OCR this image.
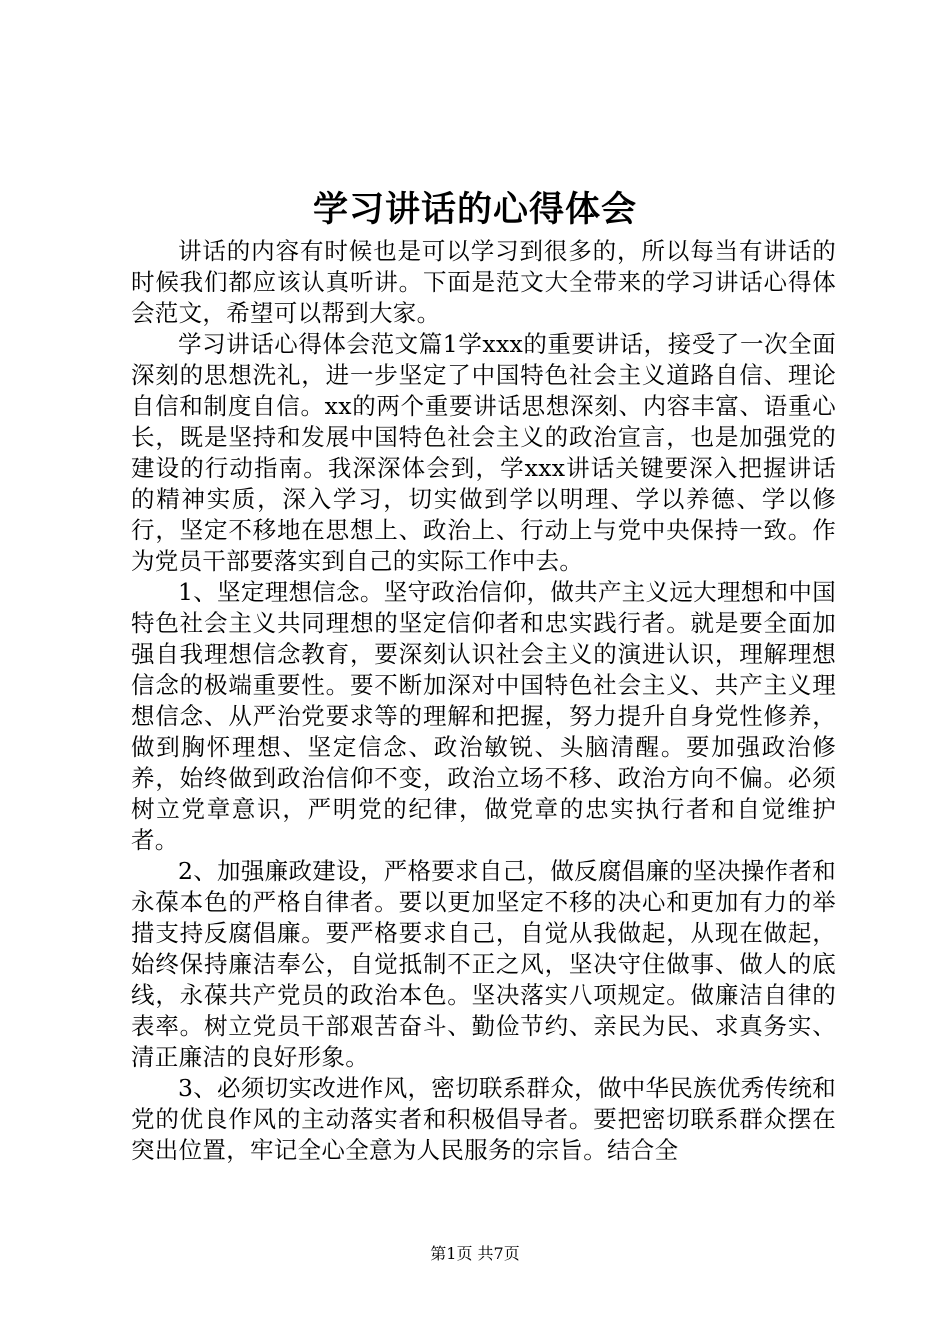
学习讲话的心得体会

讲话的内容有时候也是可以学习到很多的，所以每当有讲话的时候我们都应该认真听讲。下面是范文大全带来的学习讲话心得体会范文，希望可以帮到大家。

学习讲话心得体会范文篇1学xxx的重要讲话，接受了一次全面深刻的思想洗礼，进一步坚定了中国特色社会主义道路自信、理论自信和制度自信。xx的两个重要讲话思想深刻、内容丰富、语重心长，既是坚持和发展中国特色社会主义的政治宣言，也是加强党的建设的行动指南。我深深体会到，学xxx讲话关键要深入把握讲话的精神实质，深入学习，切实做到学以明理、学以养德、学以修行，坚定不移地在思想上、政治上、行动上与党中央保持一致。作为党员干部要落实到自己的实际工作中去。

1、坚定理想信念。坚守政治信仰，做共产主义远大理想和中国特色社会主义共同理想的坚定信仰者和忠实践行者。就是要全面加强自我理想信念教育，要深刻认识社会主义的演进认识，理解理想信念的极端重要性。要不断加深对中国特色社会主义、共产主义理想信念、从严治党要求等的理解和把握，努力提升自身党性修养，做到胸怀理想、坚定信念、政治敏锐、头脑清醒。要加强政治修养，始终做到政治信仰不变，政治立场不移、政治方向不偏。必须树立党章意识，严明党的纪律，做党章的忠实执行者和自觉维护者。

2、加强廉政建设，严格要求自己，做反腐倡廉的坚决操作者和永葆本色的严格自律者。要以更加坚定不移的决心和更加有力的举措支持反腐倡廉。要严格要求自己，自觉从我做起，从现在做起，始终保持廉洁奉公，自觉抵制不正之风，坚决守住做事、做人的底线，永葆共产党员的政治本色。坚决落实八项规定。做廉洁自律的表率。树立党员干部艰苦奋斗、勤俭节约、亲民为民、求真务实、清正廉洁的良好形象。

3、必须切实改进作风，密切联系群众，做中华民族优秀传统和党的优良作风的主动落实者和积极倡导者。要把密切联系群众摆在突出位置，牢记全心全意为人民服务的宗旨。结合全

第1页 共7页
